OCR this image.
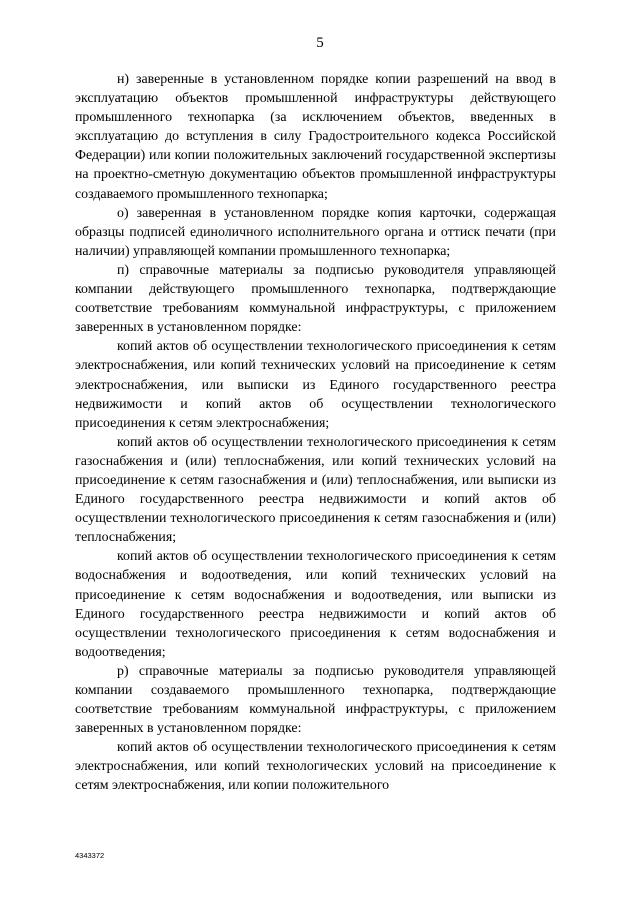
5

н) заверенные в установленном порядке копии разрешений на ввод в эксплуатацию объектов промышленной инфраструктуры действующего промышленного технопарка (за исключением объектов, введенных в эксплуатацию до вступления в силу Градостроительного кодекса Российской Федерации) или копии положительных заключений государственной экспертизы на проектно-сметную документацию объектов промышленной инфраструктуры создаваемого промышленного технопарка;

о) заверенная в установленном порядке копия карточки, содержащая образцы подписей единоличного исполнительного органа и оттиск печати (при наличии) управляющей компании промышленного технопарка;

п) справочные материалы за подписью руководителя управляющей компании действующего промышленного технопарка, подтверждающие соответствие требованиям коммунальной инфраструктуры, с приложением заверенных в установленном порядке:

копий актов об осуществлении технологического присоединения к сетям электроснабжения, или копий технических условий на присоединение к сетям электроснабжения, или выписки из Единого государственного реестра недвижимости и копий актов об осуществлении технологического присоединения к сетям электроснабжения;

копий актов об осуществлении технологического присоединения к сетям газоснабжения и (или) теплоснабжения, или копий технических условий на присоединение к сетям газоснабжения и (или) теплоснабжения, или выписки из Единого государственного реестра недвижимости и копий актов об осуществлении технологического присоединения к сетям газоснабжения и (или) теплоснабжения;

копий актов об осуществлении технологического присоединения к сетям водоснабжения и водоотведения, или копий технических условий на присоединение к сетям водоснабжения и водоотведения, или выписки из Единого государственного реестра недвижимости и копий актов об осуществлении технологического присоединения к сетям водоснабжения и водоотведения;

р) справочные материалы за подписью руководителя управляющей компании создаваемого промышленного технопарка, подтверждающие соответствие требованиям коммунальной инфраструктуры, с приложением заверенных в установленном порядке:

копий актов об осуществлении технологического присоединения к сетям электроснабжения, или копий технологических условий на присоединение к сетям электроснабжения, или копии положительного

4343372
